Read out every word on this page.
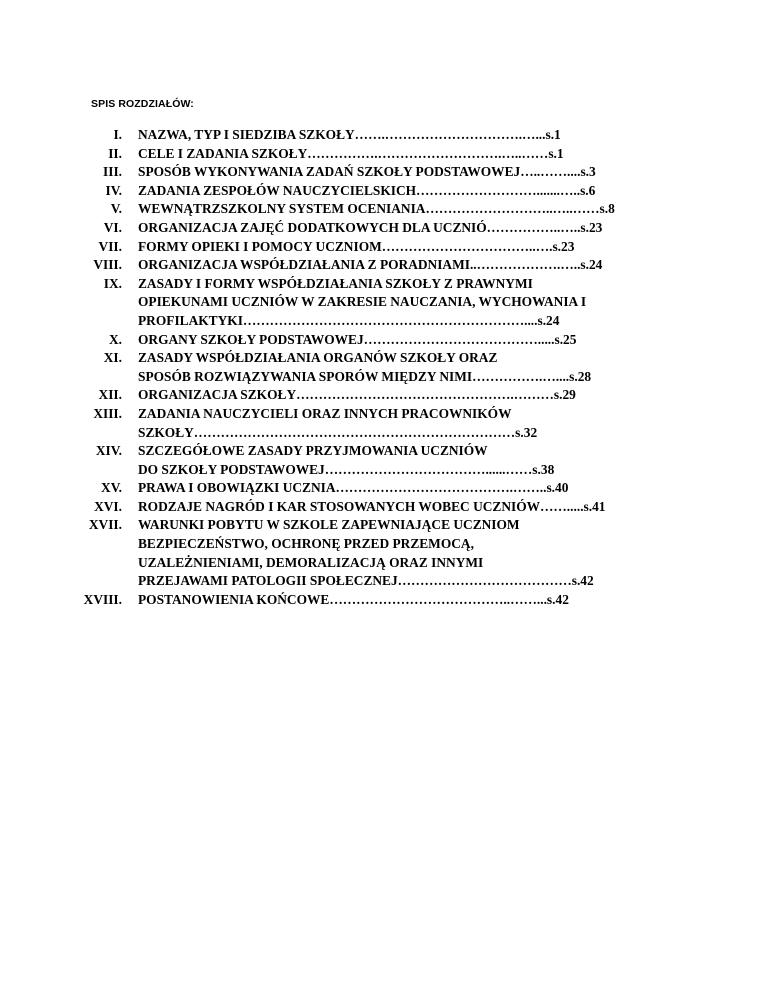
SPIS ROZDZIAŁÓW:
I. NAZWA, TYP I SIEDZIBA SZKOŁY…….………………………….…...s.1
II. CELE I ZADANIA SZKOŁY…………….……………………….…..……s.1
III. SPOSÓB WYKONYWANIA ZADAŃ SZKOŁY PODSTAWOWEJ…..……....s.3
IV. ZADANIA ZESPOŁÓW NAUCZYCIELSKICH……………………….......…..s.6
V. WEWNĄTRZSZKOLNY SYSTEM OCENIANIA………………………..…..……s.8
VI. ORGANIZACJA ZAJĘĆ DODATKOWYCH DLA UCZNIÓ……………..…..s.23
VII. FORMY OPIEKI I POMOCY UCZNIOM……………………………..….s.23
VIII. ORGANIZACJA WSPÓŁDZIAŁANIA Z PORADNIAMI..……………….…..s.24
IX. ZASADY I FORMY WSPÓŁDZIAŁANIA SZKOŁY Z PRAWNYMI
OPIEKUNAMI UCZNIÓW W ZAKRESIE NAUCZANIA, WYCHOWANIA I
PROFILAKTYKI………………………………………………………....s.24
X. ORGANY SZKOŁY PODSTAWOWEJ………………………………….....s.25
XI. ZASADY WSPÓŁDZIAŁANIA ORGANÓW SZKOŁY ORAZ
SPOSÓB ROZWIĄZYWANIA SPORÓW MIĘDZY NIMI…………….…....s.28
XII. ORGANIZACJA SZKOŁY………………………………………….………s.29
XIII. ZADANIA NAUCZYCIELI ORAZ INNYCH PRACOWNIKÓW
SZKOŁY………………………………………………………………s.32
XIV. SZCZEGÓŁOWE ZASADY PRZYJMOWANIA UCZNIÓW
DO SZKOŁY PODSTAWOWEJ………………………………......……s.38
XV. PRAWA I OBOWIĄZKI UCZNIA………………………………….……..s.40
XVI. RODZAJE NAGRÓD I KAR STOSOWANYCH WOBEC UCZNIÓW…….....s.41
XVII. WARUNKI POBYTU W SZKOLE ZAPEWNIAJĄCE UCZNIOM
BEZPIECZEŃSTWO, OCHRONĘ PRZED PRZEMOCĄ,
UZALEŻNIENIAMI, DEMORALIZACJĄ ORAZ INNYMI
PRZEJAWAMI PATOLOGII SPOŁECZNEJ…………………………………s.42
XVIII. POSTANOWIENIA KOŃCOWE…………………………………..……...s.42
